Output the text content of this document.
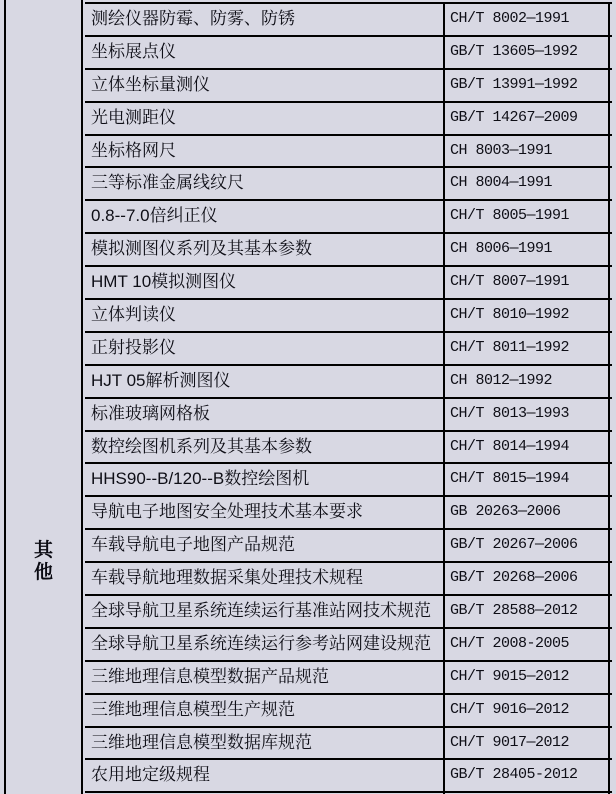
其他
测绘仪器防霉、防雾、防锈	CH/T 8002—1991
坐标展点仪	GB/T 13605—1992
立体坐标量测仪	GB/T 13991—1992
光电测距仪	GB/T 14267—2009
坐标格网尺	CH 8003—1991
三等标准金属线纹尺	CH 8004—1991
0.8--7.0倍纠正仪	CH/T 8005—1991
模拟测图仪系列及其基本参数	CH 8006—1991
HMT 10模拟测图仪	CH/T 8007—1991
立体判读仪	CH/T 8010—1992
正射投影仪	CH/T 8011—1992
HJT 05解析测图仪	CH 8012—1992
标准玻璃网格板	CH/T 8013—1993
数控绘图机系列及其基本参数	CH/T 8014—1994
HHS90--B/120--B数控绘图机	CH/T 8015—1994
导航电子地图安全处理技术基本要求	GB 20263—2006
车载导航电子地图产品规范	GB/T 20267—2006
车载导航地理数据采集处理技术规程	GB/T 20268—2006
全球导航卫星系统连续运行基准站网技术规范	GB/T 28588—2012
全球导航卫星系统连续运行参考站网建设规范	CH/T 2008-2005
三维地理信息模型数据产品规范	CH/T 9015—2012
三维地理信息模型生产规范	CH/T 9016—2012
三维地理信息模型数据库规范	CH/T 9017—2012
农用地定级规程	GB/T 28405-2012
